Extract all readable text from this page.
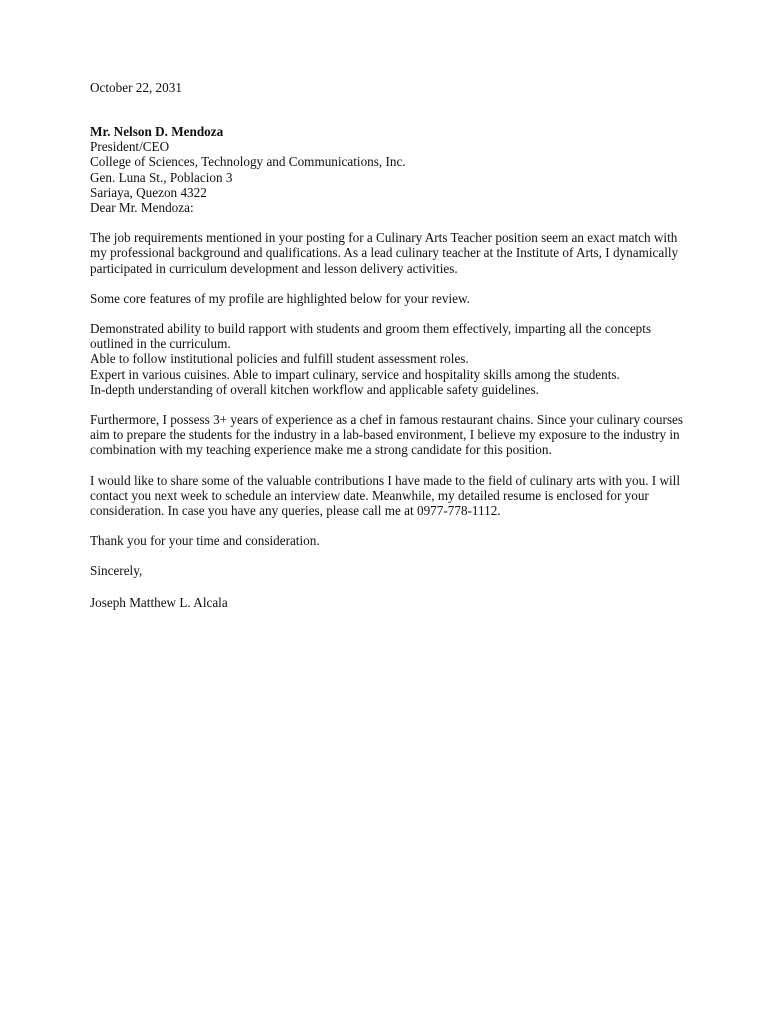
October 22, 2031

Mr. Nelson D. Mendoza
President/CEO
College of Sciences, Technology and Communications, Inc.
Gen. Luna St., Poblacion 3
Sariaya, Quezon 4322

Dear Mr. Mendoza:

The job requirements mentioned in your posting for a Culinary Arts Teacher position seem an exact match with my professional background and qualifications. As a lead culinary teacher at the Institute of Arts, I dynamically participated in curriculum development and lesson delivery activities.

Some core features of my profile are highlighted below for your review.

Demonstrated ability to build rapport with students and groom them effectively, imparting all the concepts outlined in the curriculum.
Able to follow institutional policies and fulfill student assessment roles.
Expert in various cuisines. Able to impart culinary, service and hospitality skills among the students.
In-depth understanding of overall kitchen workflow and applicable safety guidelines.

Furthermore, I possess 3+ years of experience as a chef in famous restaurant chains. Since your culinary courses aim to prepare the students for the industry in a lab-based environment, I believe my exposure to the industry in combination with my teaching experience make me a strong candidate for this position.

I would like to share some of the valuable contributions I have made to the field of culinary arts with you. I will contact you next week to schedule an interview date. Meanwhile, my detailed resume is enclosed for your consideration. In case you have any queries, please call me at 0977-778-1112.

Thank you for your time and consideration.

Sincerely,

Joseph Matthew L. Alcala
